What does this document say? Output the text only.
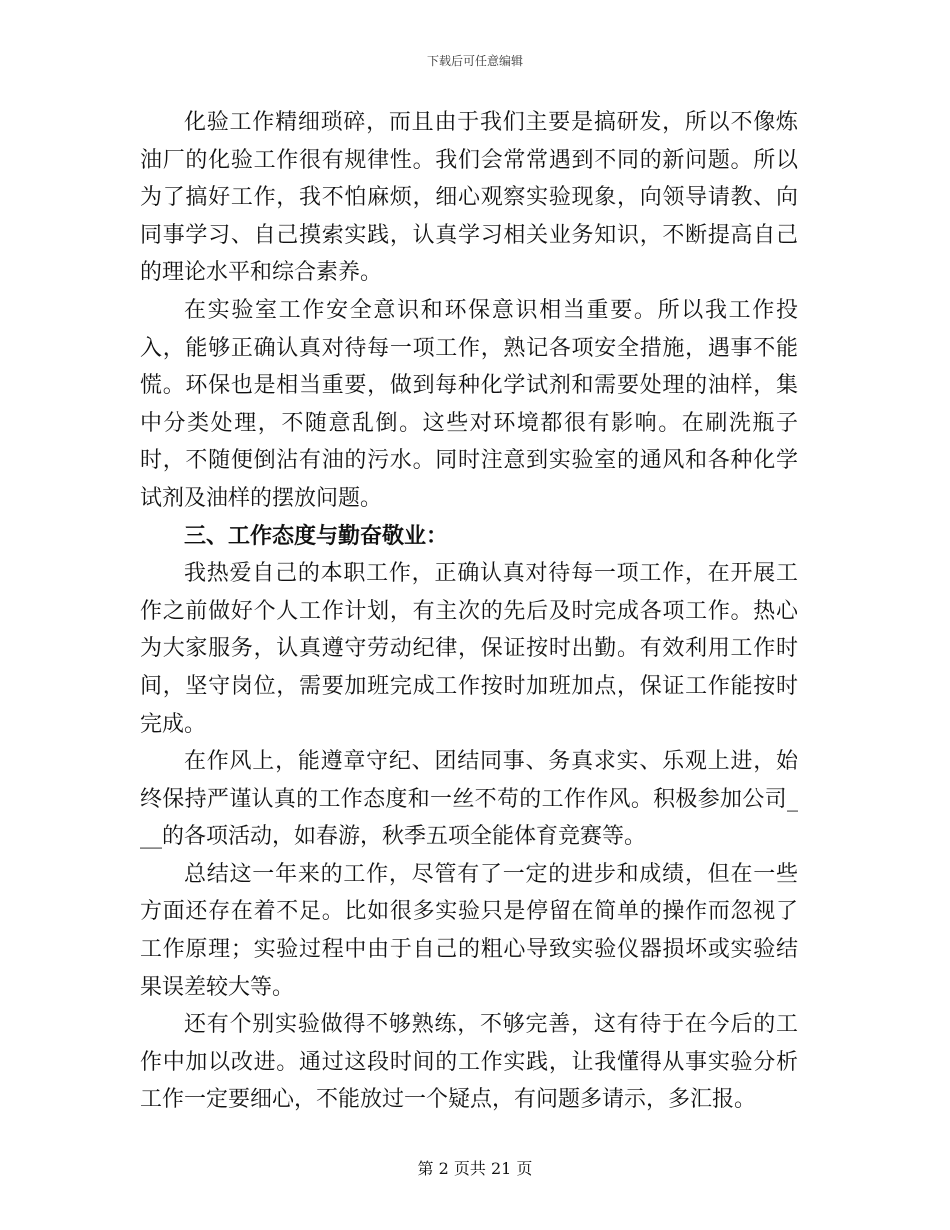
下载后可任意编辑

化验工作精细琐碎，而且由于我们主要是搞研发，所以不像炼油厂的化验工作很有规律性。我们会常常遇到不同的新问题。所以为了搞好工作，我不怕麻烦，细心观察实验现象，向领导请教、向同事学习、自己摸索实践，认真学习相关业务知识，不断提高自己的理论水平和综合素养。

在实验室工作安全意识和环保意识相当重要。所以我工作投入，能够正确认真对待每一项工作，熟记各项安全措施，遇事不能慌。环保也是相当重要，做到每种化学试剂和需要处理的油样，集中分类处理，不随意乱倒。这些对环境都很有影响。在刷洗瓶子时，不随便倒沾有油的污水。同时注意到实验室的通风和各种化学试剂及油样的摆放问题。

三、工作态度与勤奋敬业：

我热爱自己的本职工作，正确认真对待每一项工作，在开展工作之前做好个人工作计划，有主次的先后及时完成各项工作。热心为大家服务，认真遵守劳动纪律，保证按时出勤。有效利用工作时间，坚守岗位，需要加班完成工作按时加班加点，保证工作能按时完成。

在作风上，能遵章守纪、团结同事、务真求实、乐观上进，始终保持严谨认真的工作态度和一丝不苟的工作作风。积极参加公司___的各项活动，如春游，秋季五项全能体育竞赛等。

总结这一年来的工作，尽管有了一定的进步和成绩，但在一些方面还存在着不足。比如很多实验只是停留在简单的操作而忽视了工作原理；实验过程中由于自己的粗心导致实验仪器损坏或实验结果误差较大等。

还有个别实验做得不够熟练，不够完善，这有待于在今后的工作中加以改进。通过这段时间的工作实践，让我懂得从事实验分析工作一定要细心，不能放过一个疑点，有问题多请示，多汇报。

第 2 页共 21 页
